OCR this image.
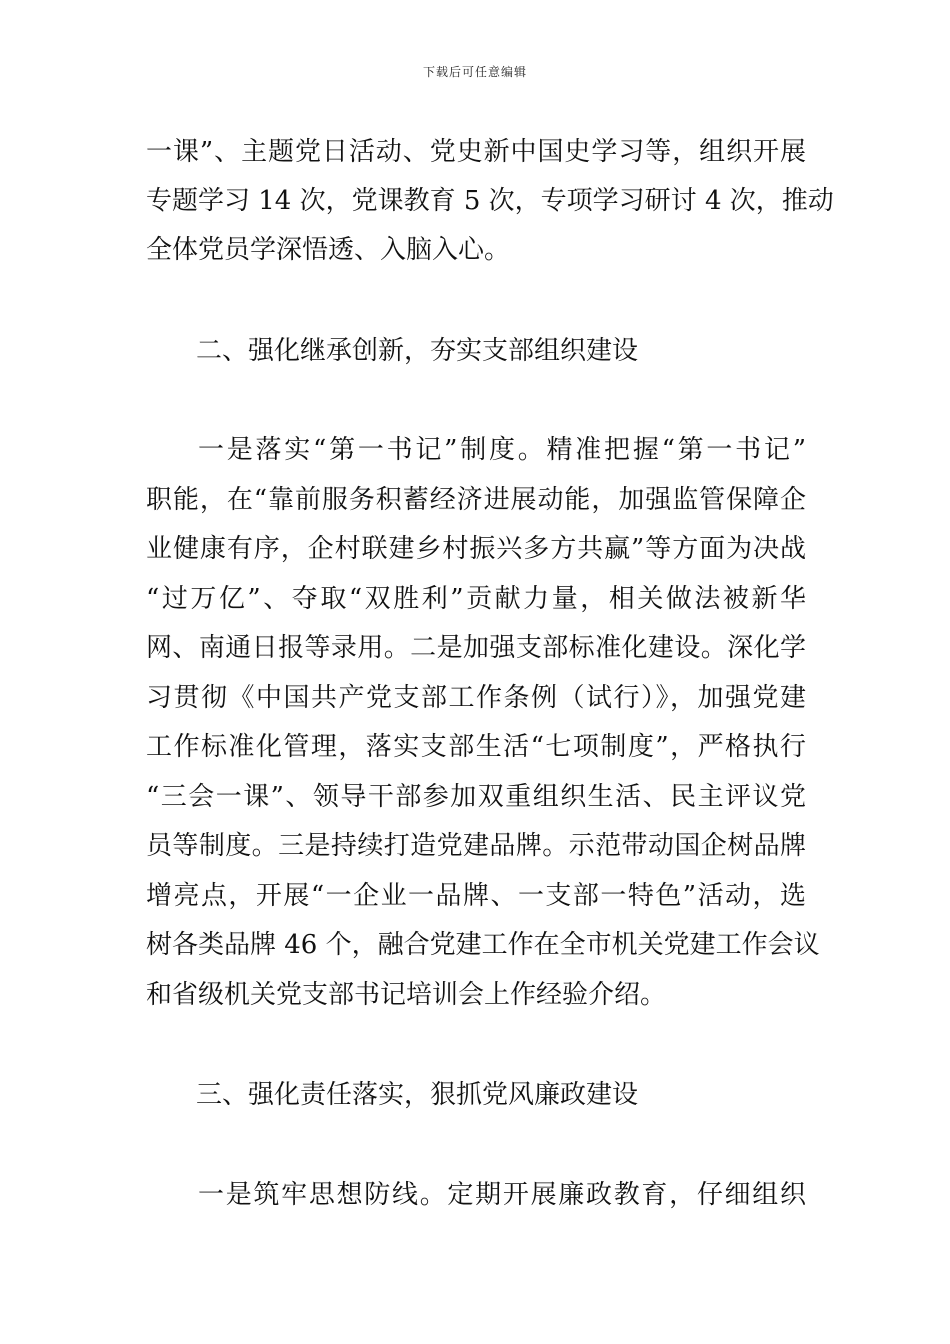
下载后可任意编辑
一课”、主题党日活动、党史新中国史学习等，组织开展
专题学习 14 次，党课教育 5 次，专项学习研讨 4 次，推动
全体党员学深悟透、入脑入心。
二、强化继承创新，夯实支部组织建设
一是落实“第一书记”制度。精准把握“第一书记”
职能，在“靠前服务积蓄经济进展动能，加强监管保障企
业健康有序，企村联建乡村振兴多方共赢”等方面为决战
“过万亿”、夺取“双胜利”贡献力量，相关做法被新华
网、南通日报等录用。二是加强支部标准化建设。深化学
习贯彻《中国共产党支部工作条例（试行）》，加强党建
工作标准化管理，落实支部生活“七项制度”，严格执行
“三会一课”、领导干部参加双重组织生活、民主评议党
员等制度。三是持续打造党建品牌。示范带动国企树品牌
增亮点，开展“一企业一品牌、一支部一特色”活动，选
树各类品牌 46 个，融合党建工作在全市机关党建工作会议
和省级机关党支部书记培训会上作经验介绍。
三、强化责任落实，狠抓党风廉政建设
一是筑牢思想防线。定期开展廉政教育，仔细组织
